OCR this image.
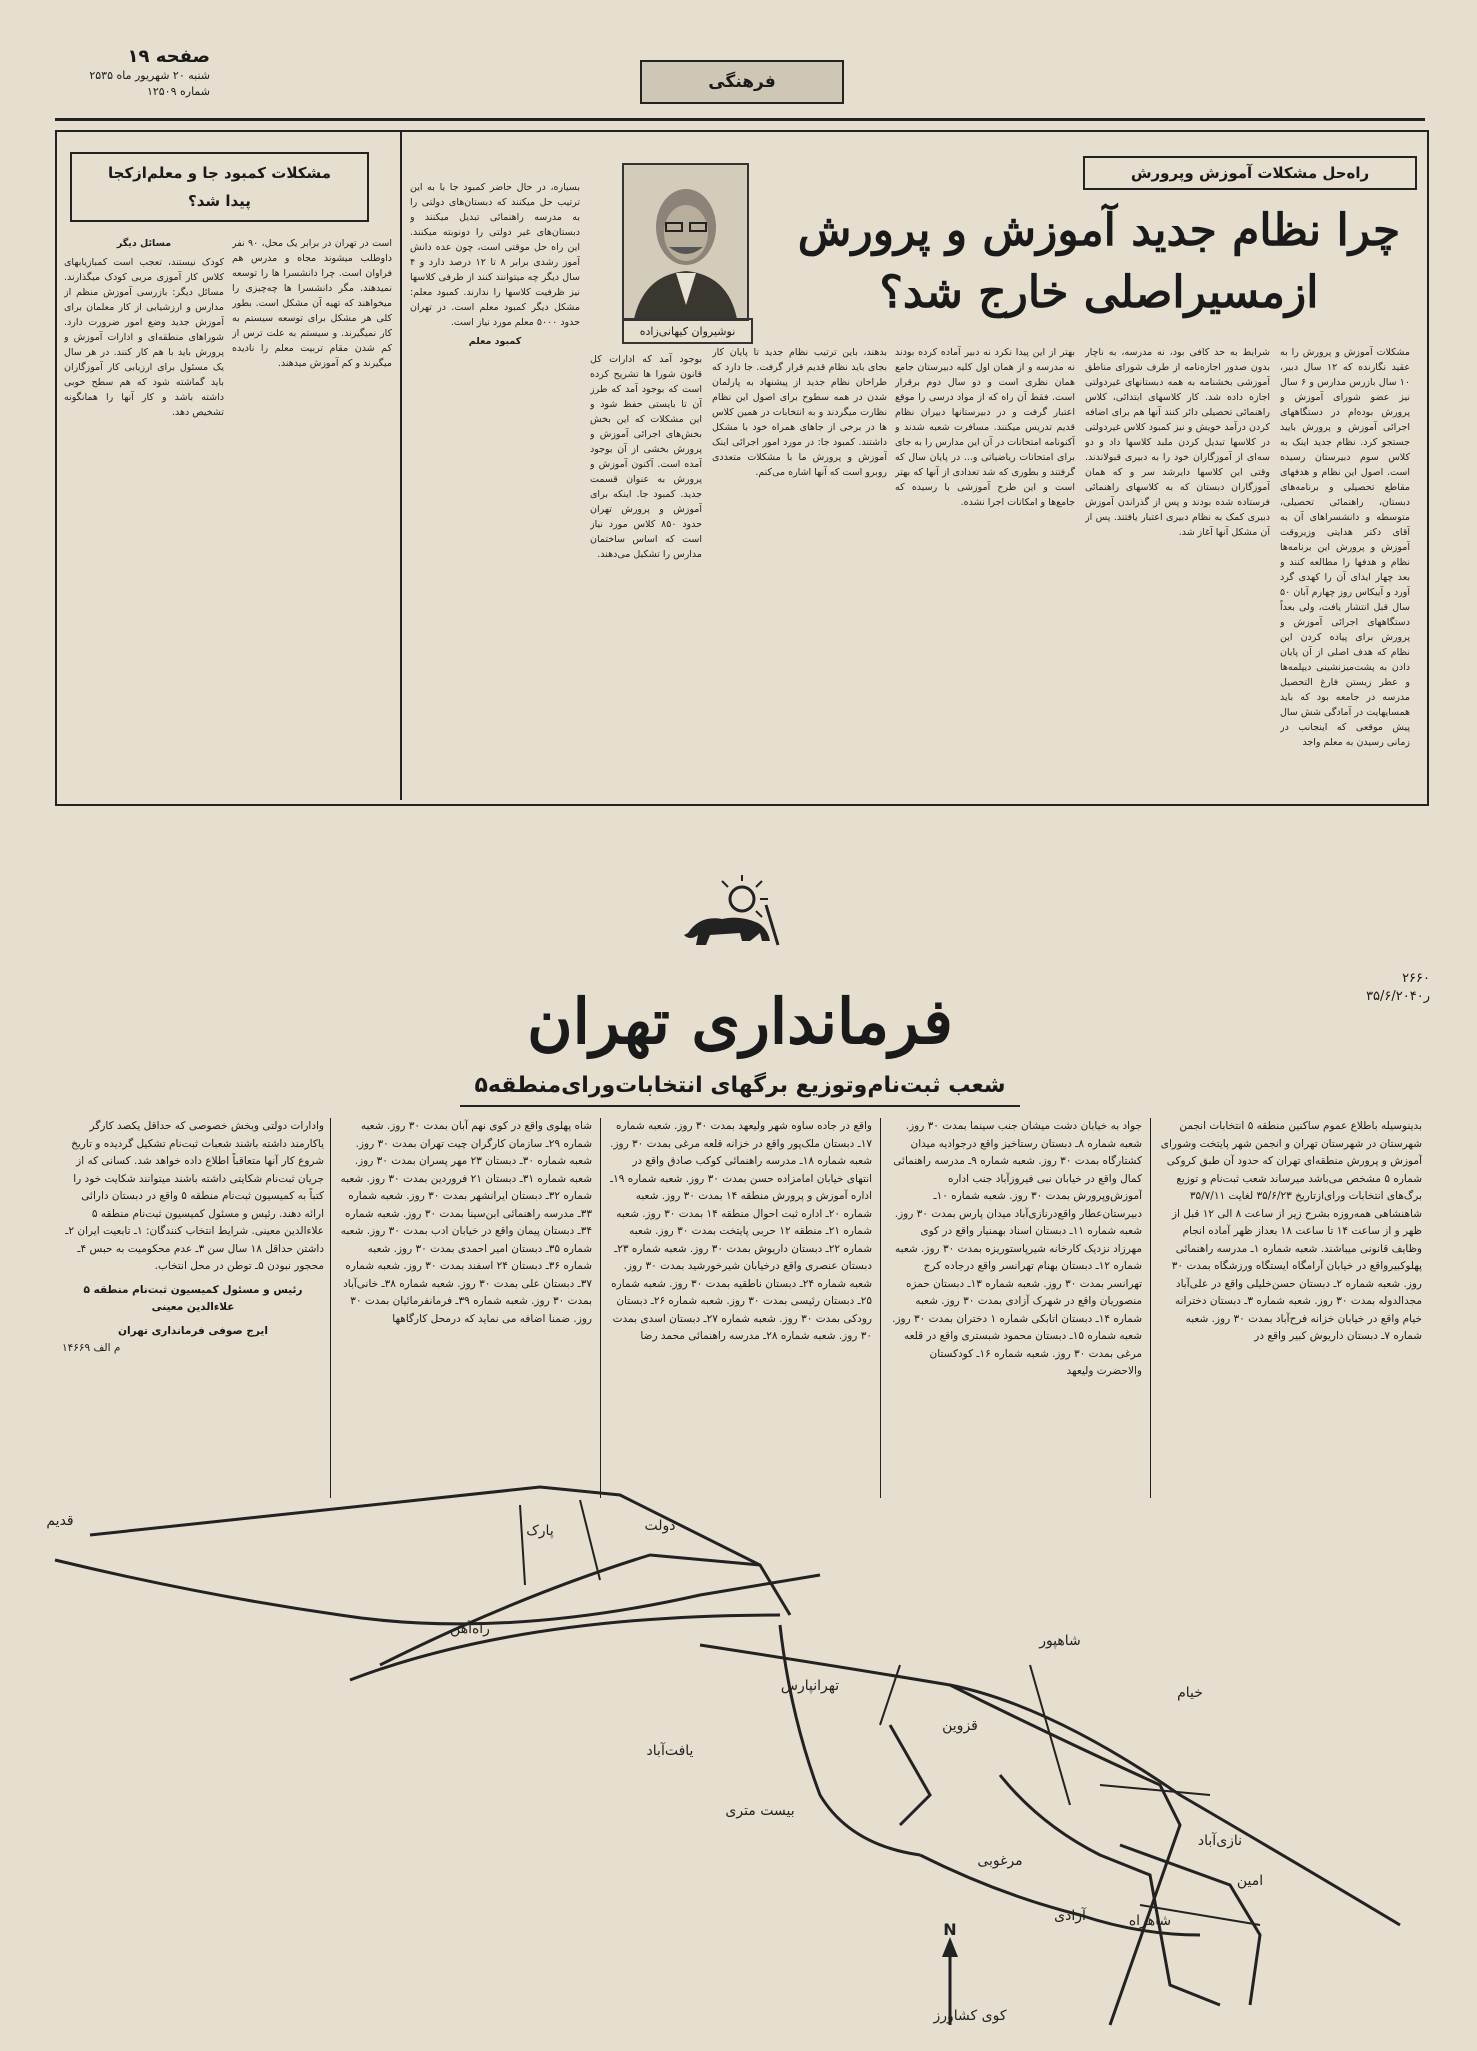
صفحه ۱۹
شنبه ۲۰ شهریور ماه ۲۵۳۵
شماره ۱۲۵۰۹	فرهنگی
راه‌حل مشکلات آموزش وپرورش
چرا نظام جدید آموزش و پرورش
ازمسیراصلی خارج شد؟
نوشیروان کیهانی‌زاده

مشکلات آموزش و پرورش را به عقید نگارنده که ۱۲ سال دبیر، ۱۰ سال بازرس مدارس و ۶ سال نیز عضو شورای آموزش و پرورش بوده‌ام در دستگاههای اجرائی آموزش و پرورش بایید جستجو کرد. نظام جدید اینک به کلاس سوم دبیرستان رسیده است. اصول این نظام و هدفهای مقاطع تحصیلی و برنامه‌های دبستان، راهنمائی تحصیلی، متوسطه و دانشسراهای آن به آقای دکتر هدایتی وزیروقت آموزش و پرورش این برنامه‌ها نظام و هدفها را مطالعه کنند و بعد چهار ایدای آن را کهدی گرد آورد و آییکاس روز چهارم آبان ۵۰ سال قبل انتشار یافت، ولی بعداً دستگاههای اجرائی آموزش و پرورش برای پیاده کردن این نظام که هدف اصلی از آن پایان دادن به پشت‌میزنشینی دیپلمه‌ها و عطر زیستن فارغ التحصیل مدرسه در جامعه بود که باید همسایهایت در آمادگی شش سال پیش موقعی که اینجانب در زمانی رسیدن به معلم واجد

شرایط به حد کافی بود، نه مدرسه، به ناچار بدون صدور اجازه‌نامه از طرف شورای مناطق آموزشی بخشنامه به همه دبستانهای غیردولتی اجازه داده شد. کار کلاسهای ابتدائی، کلاس راهنمائی تحصیلی دائر کنند آنها هم برای اضافه کردن درآمد خویش و نیز کمبود کلاس غیردولتی در کلاسها تبدیل کردن ملبد کلاسها داد و دو سه‌ای از آموزگاران خود را به دبیری قبولاندند. وقتی این کلاسها دایرشد سر و که همان آموزگاران دبستان که به کلاسهای راهنمائی فرستاده شده بودند و پس از گذراندن آموزش دبیری کمک به نظام دبیری اعتبار یافتند. پس از آن مشکل آنها آغاز شد.

بهتر از این پیدا نکرد نه دبیر آماده کرده بودند نه مدرسه و از همان اول کلیه دبیرستان جامع همان نظری است و دو سال دوم برقرار است. فقط آن راه که از مواد درسی را موقع اعتبار گرفت و در دبیرستانها دبیران نظام قدیم تدریس میکنند. مسافرت شعبه شدند و آکنونامه امتحانات در آن این مدارس را به جای برای امتحانات ریاضیاتی و... در پایان سال که گرفتند و بطوری که شد تعدادی از آنها که بهتر است و این طرح آموزشی با رسیده که جامع‌ها و امکانات اجرا نشده.

بدهند، باین ترتیب نظام جدید تا پایان کار بجای باید نظام قدیم قرار گرفت. جا دارد که طراحان نظام جدید از پیشنهاد به پارلمان شدن در همه سطوح برای اصول این نظام نظارت میگردند و به انتخابات در همین کلاس ها در برخی از جاهای همراه خود با مشکل داشتند. کمبود جا: در مورد امور اجرائی اینک آموزش و پرورش ما با مشکلات متعددی روبرو است که آنها اشاره می‌کنم.

بوجود آمد که ادارات کل قانون شورا ها تشریح کرده است که بوجود آمد که طرز آن تا بایستی حفظ شود و این مشکلات که این بخش بخش‌های اجرائی آموزش و پرورش بخشی از آن بوجود آمده است. آکنون آموزش و پرورش به عنوان قسمت جدید. کمبود جا. اینکه برای آموزش و پرورش تهران حدود ۸۵۰ کلاس مورد نیاز است که اساس ساختمان مدارس را تشکیل می‌دهند.

بسیاره، در حال حاضر کمبود جا با به این ترتیب حل میکنند که دبستان‌های دولتی را به مدرسه راهنمائی تبدیل میکنند و دبستان‌های غیر دولتی را دونوبته میکنند. این راه حل موقتی است، چون عده دانش آموز رشدی برابر ۸ تا ۱۲ درصد دارد و ۴ سال دیگر چه میتوانند کنند از طرفی کلاسها نیز ظرفیت کلاسها را ندارند. کمبود معلم: مشکل دیگر کمبود معلم است. در تهران حدود ۵۰۰۰ معلم مورد نیاز است.

کمبود معلم

مشکلات کمبود جا و معلم‌ازکجا
پیدا شد؟

است در تهران در برابر یک محل، ۹۰ نفر داوطلب میشوند مجاه و مدرس هم فراوان است. چرا دانشسرا ها را توسعه نمیدهند. مگر دانشسرا ها چه‌چیزی را میخواهند که تهیه آن مشکل است. بطور کلی هر مشکل برای توسعه سیستم به کار نمیگیرند. و سیستم به علت ترس از کم شدن مقام تربیت معلم را نادیده میگیرند و کم آموزش میدهند.

مسائل دیگر

کودک نیستند، تعجب است کمبازیابهای کلاس کار آموزی مربی کودک میگذارند. مسائل دیگر: بازرسی آموزش منظم از مدارس و ارزشیابی از کار معلمان برای آموزش جدید وضع امور ضرورت دارد. شوراهای منطقه‌ای و ادارات آموزش و پرورش باید با هم کار کنند. در هر سال یک مسئول برای ارزیابی کار آموزگاران باید گماشته شود که هم سطح خوبی داشته باشد و کار آنها را همانگونه تشخیص دهد.

۲۶۶۰
۳۵/۶/۲۰ر۴۰
فرمانداری تهران
شعب ثبت‌نام‌وتوزیع برگهای انتخابات‌ورای‌منطقه۵

بدینوسیله باطلاع عموم ساکنین منطقه ۵ انتخابات انجمن شهرستان در شهرستان تهران و انجمن شهر پایتخت وشورای آموزش و پرورش منطقه‌ای تهران که حدود آن طبق کروکی شماره ۵ مشخص می‌باشد میرساند شعب ثبت‌نام و توزیع برگ‌های انتخابات ورای‌از‌تاریخ ۳۵/۶/۲۳ لغایت ۳۵/۷/۱۱ شاهنشاهی همه‌روزه بشرح زیر از ساعت ۸ الی ۱۲ قبل از ظهر و از ساعت ۱۴ تا ساعت ۱۸ بعداز ظهر آماده انجام وظایف قانونی میباشند. شعبه شماره ۱ـ مدرسه راهنمائی پهلوکبیرواقع در خیابان آرامگاه ایستگاه ورزشگاه بمدت ۳۰ روز. شعبه شماره ۲ـ دبستان حسن‌خلیلی واقع در علی‌آباد مجدالدوله بمدت ۳۰ روز. شعبه شماره ۳ـ دبستان دخترانه خیام واقع در خیابان خزانه فرح‌آباد بمدت ۳۰ روز. شعبه شماره ۷ـ دبستان داریوش کبیر واقع در

جواد به خیابان دشت میشان جنب سینما بمدت ۳۰ روز. شعبه شماره ۸ـ دبستان رستاخیز واقع درجوادیه میدان کشتارگاه بمدت ۳۰ روز. شعبه شماره ۹ـ مدرسه راهنمائی کمال واقع در خیابان نبی فیروزآباد جنب اداره آموزش‌وپرورش بمدت ۳۰ روز. شعبه شماره ۱۰ـ دبیرستان‌عطار واقع‌درنازی‌آباد میدان پارس بمدت ۳۰ روز. شعبه شماره ۱۱ـ دبستان اسناد بهمنیار واقع در کوی مهرزاد نزدیک کارخانه شیرپاستوریزه بمدت ۳۰ روز. شعبه شماره ۱۲ـ دبستان بهنام تهرانسر واقع درجاده کرج تهرانسر بمدت ۳۰ روز. شعبه شماره ۱۳ـ دبستان حمزه منصوریان واقع در شهرک آزادی بمدت ۳۰ روز. شعبه شماره ۱۴ـ دبستان اتابکی شماره ۱ دختران بمدت ۳۰ روز. شعبه شماره ۱۵ـ دبستان محمود شبستری واقع در قلعه مرغی بمدت ۳۰ روز. شعبه شماره ۱۶ـ کودکستان والاحضرت ولیعهد

واقع در جاده ساوه شهر ولیعهد بمدت ۳۰ روز. شعبه شماره ۱۷ـ دبستان ملک‌پور واقع در خزانه قلعه مرغی بمدت ۳۰ روز. شعبه شماره ۱۸ـ مدرسه راهنمائی کوکب صادق واقع در انتهای خیابان امامزاده حسن بمدت ۳۰ روز. شعبه شماره ۱۹ـ اداره آموزش و پرورش منطقه ۱۴ بمدت ۳۰ روز. شعبه شماره ۲۰ـ اداره ثبت احوال منطقه ۱۴ بمدت ۳۰ روز. شعبه شماره ۲۱ـ منطقه ۱۲ حربی پایتخت بمدت ۳۰ روز. شعبه شماره ۲۲ـ دبستان داریوش بمدت ۳۰ روز. شعبه شماره ۲۳ـ دبستان عنصری واقع درخیابان شیرخورشید بمدت ۳۰ روز. شعبه شماره ۲۴ـ دبستان ناطقیه بمدت ۳۰ روز. شعبه شماره ۲۵ـ دبستان رئیسی بمدت ۳۰ روز. شعبه شماره ۲۶ـ دبستان رودکی بمدت ۳۰ روز. شعبه شماره ۲۷ـ دبستان اسدی بمدت ۳۰ روز. شعبه شماره ۲۸ـ مدرسه راهنمائی محمد رضا

شاه پهلوی واقع در کوی نهم آبان بمدت ۳۰ روز. شعبه شماره ۲۹ـ سازمان کارگران چیت تهران بمدت ۳۰ روز. شعبه شماره ۳۰ـ دبستان ۲۳ مهر پسران بمدت ۳۰ روز. شعبه شماره ۳۱ـ دبستان ۲۱ فروردین بمدت ۳۰ روز. شعبه شماره ۳۲ـ دبستان ایرانشهر بمدت ۳۰ روز. شعبه شماره ۳۳ـ مدرسه راهنمائی ابن‌سینا بمدت ۳۰ روز. شعبه شماره ۳۴ـ دبستان پیمان واقع در خیابان ادب بمدت ۳۰ روز. شعبه شماره ۳۵ـ دبستان امیر احمدی بمدت ۳۰ روز. شعبه شماره ۳۶ـ دبستان ۲۴ اسفند بمدت ۳۰ روز. شعبه شماره ۳۷ـ دبستان علی بمدت ۳۰ روز. شعبه شماره ۳۸ـ خانی‌آباد بمدت ۳۰ روز. شعبه شماره ۳۹ـ فرمانفرمائیان بمدت ۳۰ روز. ضمنا اضافه می نماید که درمحل کارگاهها

وادارات دولتی وبخش خصوصی که حداقل یکصد کارگر یاکارمند داشته باشند شعبات ثبت‌نام تشکیل گردیده و تاریخ شروع کار آنها متعاقباً اطلاع داده خواهد شد. کسانی که از جریان ثبت‌نام شکایتی داشته باشند میتوانند شکایت خود را کتباً به کمیسیون ثبت‌نام منطقه ۵ واقع در دبستان دارائی ارائه دهند. رئیس و مسئول کمیسیون ثبت‌نام منطقه ۵ علاءالدین معینی. شرایط انتخاب کنندگان: ۱ـ تابعیت ایران ۲ـ داشتن حداقل ۱۸ سال سن ۳ـ عدم محکومیت به حبس ۴ـ محجور نبودن ۵ـ توطن در محل انتخاب.

رئیس و مسئول کمیسیون ثبت‌نام منطقه ۵ علاءالدین معینی

ایرج صوفی فرمانداری تهران

م الف ۱۴۶۶۹

قدیم
پارک	دولت
راه‌آهن
تهرانپارس
قزوین
یافت‌آباد
شاهپور
امین
خیام
نازی‌آباد
مرغوبی
شاهراه
آزادی
بیست متری
کوی کشاورز
N
